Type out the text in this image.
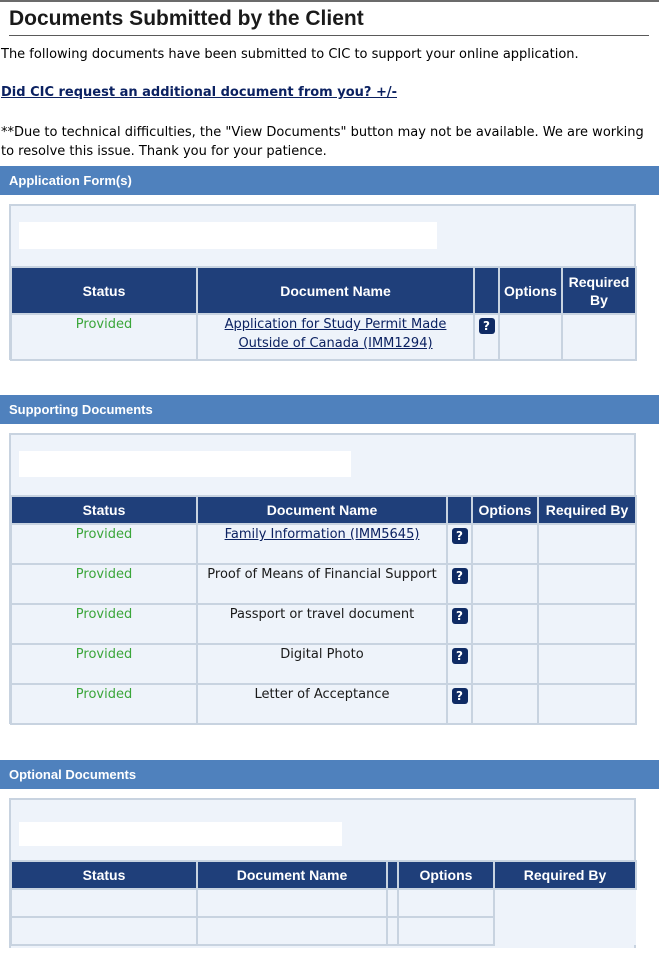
Documents Submitted by the Client
The following documents have been submitted to CIC to support your online application.
Did CIC request an additional document from you? +/-
**Due to technical difficulties, the "View Documents" button may not be available. We are working to resolve this issue. Thank you for your patience.
Application Form(s)
Status	Document Name		Options	Required By
Provided	Application for Study Permit Made Outside of Canada (IMM1294)	?		
Supporting Documents
Status	Document Name		Options	Required By
Provided	Family Information (IMM5645)	?		
Provided	Proof of Means of Financial Support	?		
Provided	Passport or travel document	?		
Provided	Digital Photo	?		
Provided	Letter of Acceptance	?		
Optional Documents
Status	Document Name		Options	Required By
